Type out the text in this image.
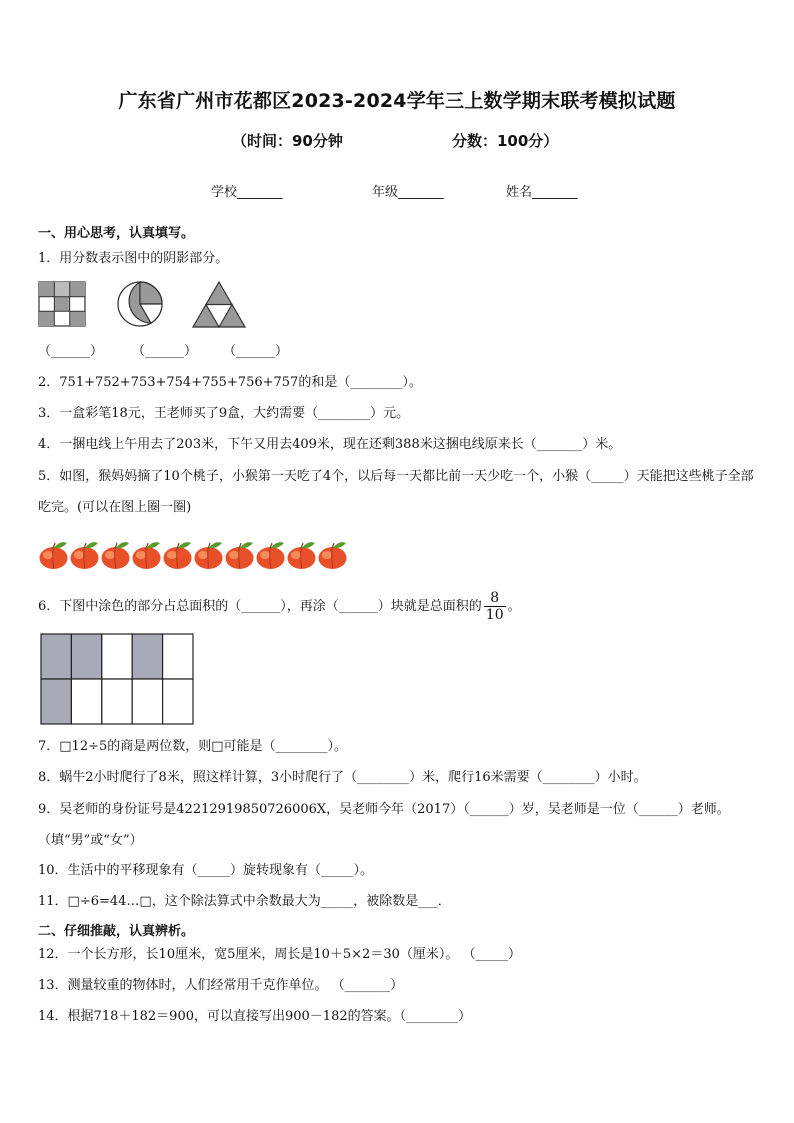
广东省广州市花都区2023-2024学年三上数学期末联考模拟试题
（时间：90分钟	分数：100分）
学校_______	年级_______	姓名_______
一、用心思考，认真填写。
1．用分数表示图中的阴影部分。
（______） （______） （______）
2．751+752+753+754+755+756+757的和是（________）。
3．一盒彩笔18元，王老师买了9盒，大约需要（________）元。
4．一捆电线上午用去了203米，下午又用去409米，现在还剩388米这捆电线原来长（_______）米。
5．如图，猴妈妈摘了10个桃子，小猴第一天吃了4个，以后每一天都比前一天少吃一个，小猴（_____）天能把这些桃子全部吃完。(可以在图上圈一圈)
6．下图中涂色的部分占总面积的（______），再涂（______）块就是总面积的 $\frac{8}{10}$ 。
7．□12÷5的商是两位数，则□可能是（________）。
8．蜗牛2小时爬行了8米，照这样计算，3小时爬行了（________）米，爬行16米需要（________）小时。
9．吴老师的身份证号是42212919850726006X，吴老师今年（2017）（______）岁，吴老师是一位（______）老师。（填“男”或“女”）
10．生活中的平移现象有（_____）旋转现象有（_____）。
11．□÷6=44…□，这个除法算式中余数最大为_____，被除数是___．
二、仔细推敲，认真辨析。
12．一个长方形，长10厘米，宽5厘米，周长是10＋5×2＝30（厘米）。 （_____）
13．测量较重的物体时，人们经常用千克作单位。 （_______）
14．根据718＋182＝900，可以直接写出900－182的答案。（________）
